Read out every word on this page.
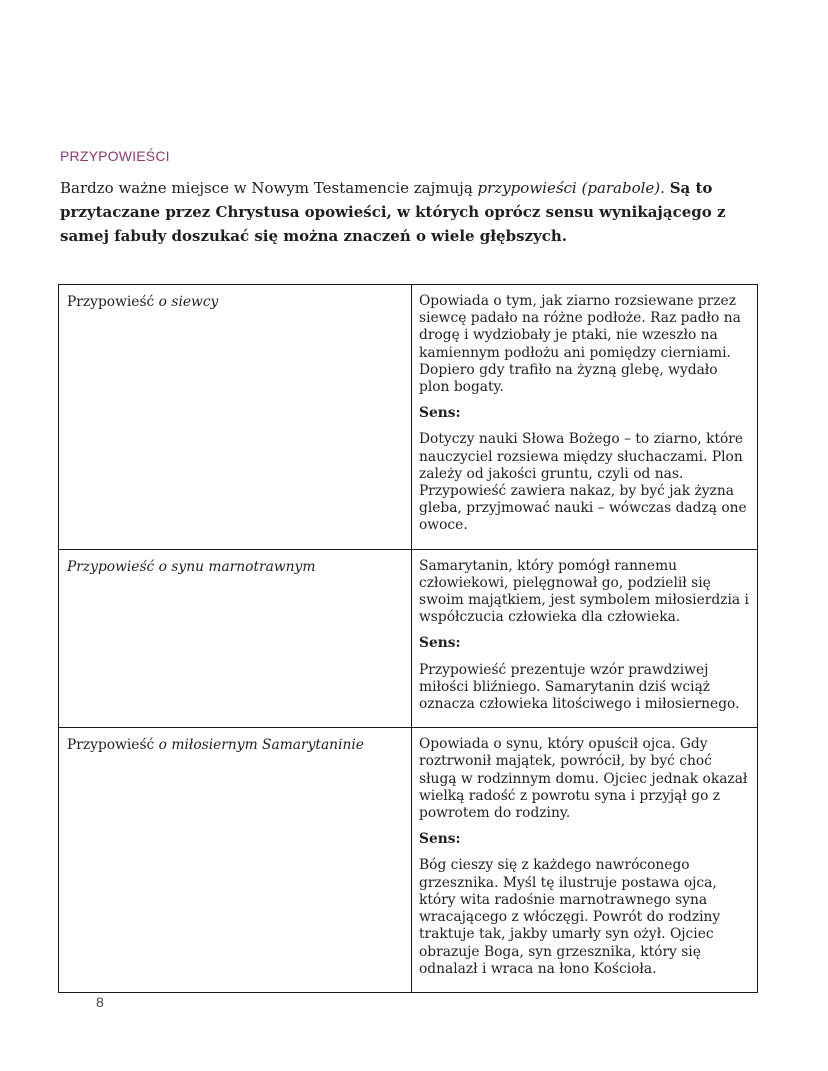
PRZYPOWIEŚCI

Bardzo ważne miejsce w Nowym Testamencie zajmują przypowieści (parabole). Są to przytaczane przez Chrystusa opowieści, w których oprócz sensu wynikającego z samej fabuły doszukać się można znaczeń o wiele głębszych.

Przypowieść o siewcy	Opowiada o tym, jak ziarno rozsiewane przez siewcę padało na różne podłoże. Raz padło na drogę i wydziobały je ptaki, nie wzeszło na kamiennym podłożu ani pomiędzy cierniami. Dopiero gdy trafiło na żyzną glebę, wydało plon bogaty.

Sens:

Dotyczy nauki Słowa Bożego – to ziarno, które nauczyciel rozsiewa między słuchaczami. Plon zależy od jakości gruntu, czyli od nas. Przypowieść zawiera nakaz, by być jak żyzna gleba, przyjmować nauki – wówczas dadzą one owoce.

Przypowieść o synu marnotrawnym	Samarytanin, który pomógł rannemu człowiekowi, pielęgnował go, podzielił się swoim majątkiem, jest symbolem miłosierdzia i współczucia człowieka dla człowieka.

Sens:

Przypowieść prezentuje wzór prawdziwej miłości bliźniego. Samarytanin dziś wciąż oznacza człowieka litościwego i miłosiernego.

Przypowieść o miłosiernym Samarytaninie	Opowiada o synu, który opuścił ojca. Gdy roztrwonił majątek, powrócił, by być choć sługą w rodzinnym domu. Ojciec jednak okazał wielką radość z powrotu syna i przyjął go z powrotem do rodziny.

Sens:

Bóg cieszy się z każdego nawróconego grzesznika. Myśl tę ilustruje postawa ojca, który wita radośnie marnotrawnego syna wracającego z włóczęgi. Powrót do rodziny traktuje tak, jakby umarły syn ożył. Ojciec obrazuje Boga, syn grzesznika, który się odnalazł i wraca na łono Kościoła.

8
